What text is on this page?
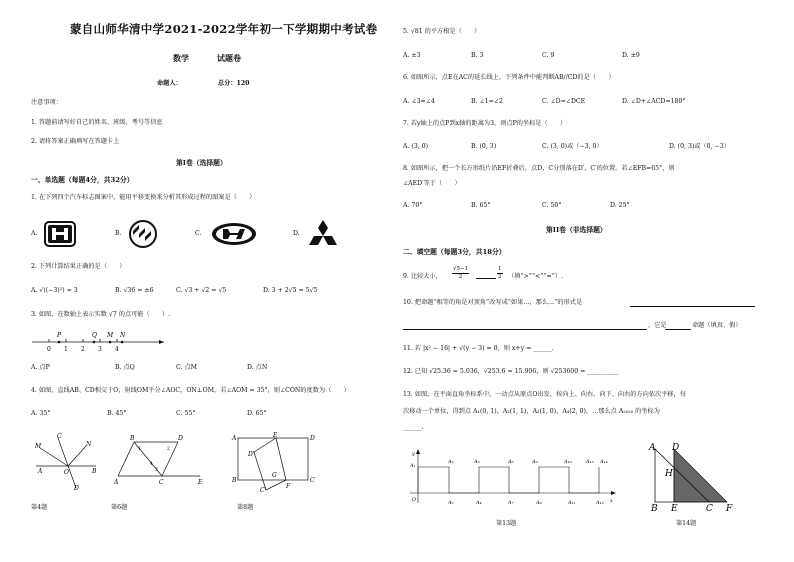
蒙自山师华清中学2021-2022学年初一下学期期中考试卷
数学	试题卷
命题人：	总分：120
注意事项：
1. 答题前请写好自己的姓名、班级、考号等信息
2. 请将答案正确填写在答题卡上
第I卷（选择题）
一、单选题（每题4分，共32分）
1. 在下列四个汽车标志图案中，能用平移变换来分析其形成过程的图案是（　　）
A.	B.	C.	D.
2. 下列计算结果正确的是（　　）
A. √((−3)²) = 3	B. √36 = ±6	C. √3 + √2 = √5	D. 3 + 2√5 = 5√5
3. 如图，在数轴上表示实数 √7 的点可能（　　）.
0 1 2 3 4
P	Q M N
A. 点P	B. 点Q	C. 点M	D. 点N
4. 如图，直线AB、CD相交于O，射线OM平分∠AOC，ON⊥OM，若∠AOM = 35°，则∠CON的度数为（　　）
A. 35°	B. 45°	C. 55°	D. 65°
M
C
N
A	O	B
D
B	D
A	C	E
1	2
3
4
A	E	D
D'
B	C
F
G
C'
第4题	第6题	第8题
5. √81 的平方根是（　　）
A. ±3	B. 3	C. 9	D. ±9
6. 如图所示，点E在AC的延长线上，下列条件中能判断AB//CD的是（　　）
A. ∠3=∠4	B. ∠1=∠2	C. ∠D=∠DCE	D. ∠D+∠ACD=180°
7. 若y轴上的点P到x轴的距离为3，则点P的坐标是（　　）
A. (3, 0)	B. (0, 3)	C. (3, 0)或（−3, 0）	D. (0, 3)或（0, −3）
8. 如图所示，把一个长方形纸片沿EF折叠后，点D，C分别落在D′，C′的位置。若∠EFB=65°，则
∠AED′等于（　　）
A. 70°	B. 65°	C. 50°	D. 25°
第II卷（非选择题）
二、填空题（每题3分，共18分）
9. 比较大小， $\frac{√5-1}{2}$	$\frac{1}{2}$ （填“>”“<”“=”）.
10. 把命题“相等的角是对顶角”改写成“如果…，那么…”的形式是
，它是	命题（填真、假）
11. 若 |x² − 16| + √(y − 3) = 0，则 x+y = ______.
12. 已知 √25.36 = 5.036，√253.6 = 15.906，则 √253600 = __________
13. 如图，在平面直角坐标系中，一动点从原点O出发，按向上、向右、向下、向右的方向依次平移，每
次移动一个单位，得到点 A₁(0, 1)，A₂(1, 1)，A₃(1, 0)，A₄(2, 0)，…那么点 A₂₀₂₀ 的坐标为
______.
y
x
O
A₁
A₂	A₅	A₆	A₉	A₁₀	A₁₃ A₁₄
A₃	A₄	A₇	A₈	A₁₁	A₁₂
第13题
A D
H
B E	C F
第14题
